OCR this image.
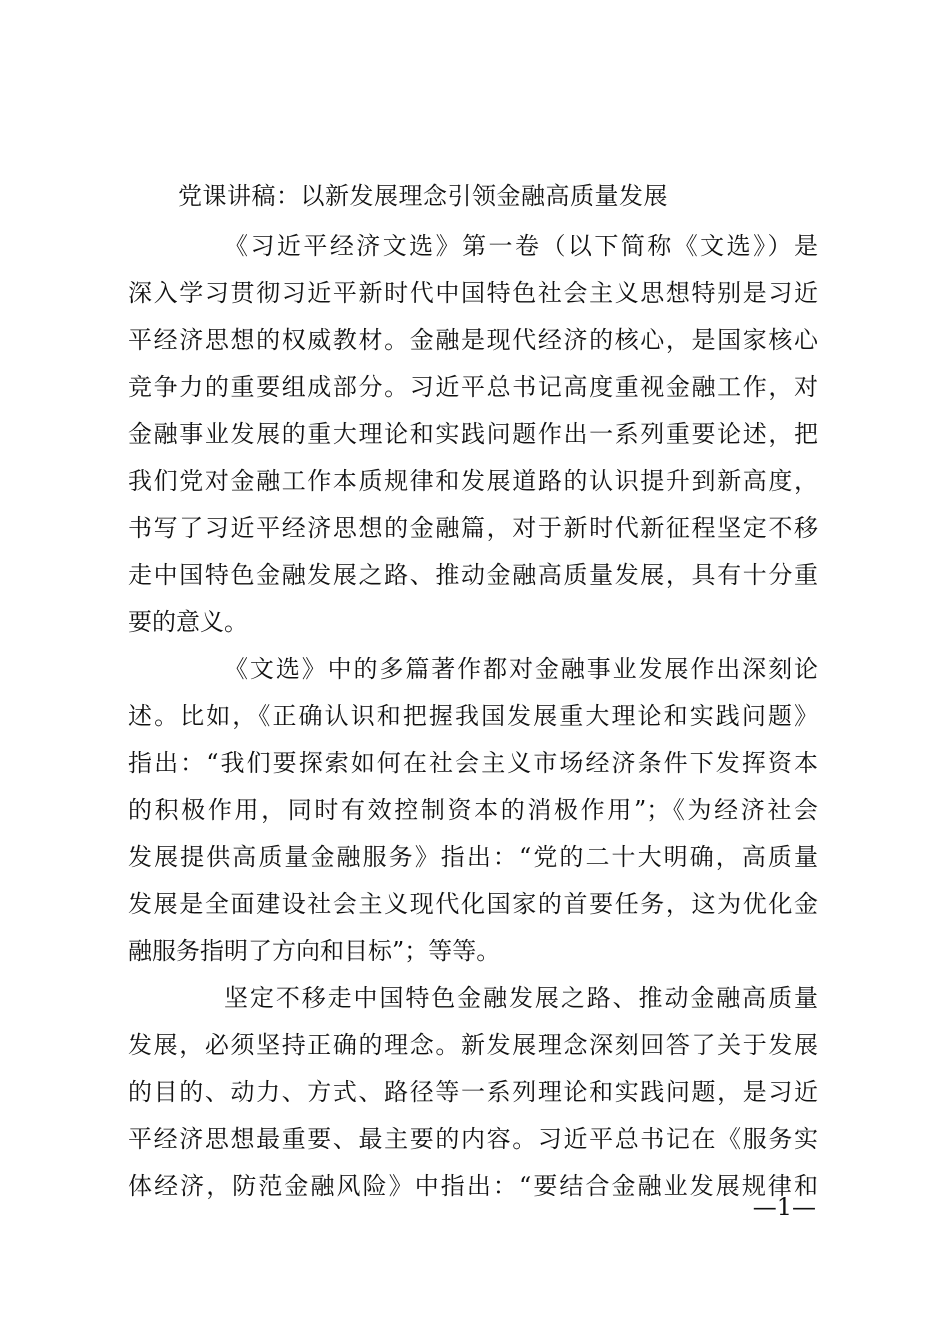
党课讲稿：以新发展理念引领金融高质量发展
《习近平经济文选》第一卷（以下简称《文选》）是
深入学习贯彻习近平新时代中国特色社会主义思想特别是习近
平经济思想的权威教材。金融是现代经济的核心，是国家核心
竞争力的重要组成部分。习近平总书记高度重视金融工作，对
金融事业发展的重大理论和实践问题作出一系列重要论述，把
我们党对金融工作本质规律和发展道路的认识提升到新高度，
书写了习近平经济思想的金融篇，对于新时代新征程坚定不移
走中国特色金融发展之路、推动金融高质量发展，具有十分重
要的意义。
《文选》中的多篇著作都对金融事业发展作出深刻论
述。比如，《正确认识和把握我国发展重大理论和实践问题》
指出：“我们要探索如何在社会主义市场经济条件下发挥资本
的积极作用，同时有效控制资本的消极作用”；《为经济社会
发展提供高质量金融服务》指出：“党的二十大明确，高质量
发展是全面建设社会主义现代化国家的首要任务，这为优化金
融服务指明了方向和目标”；等等。
坚定不移走中国特色金融发展之路、推动金融高质量
发展，必须坚持正确的理念。新发展理念深刻回答了关于发展
的目的、动力、方式、路径等一系列理论和实践问题，是习近
平经济思想最重要、最主要的内容。习近平总书记在《服务实
体经济，防范金融风险》中指出：“要结合金融业发展规律和
—1—
